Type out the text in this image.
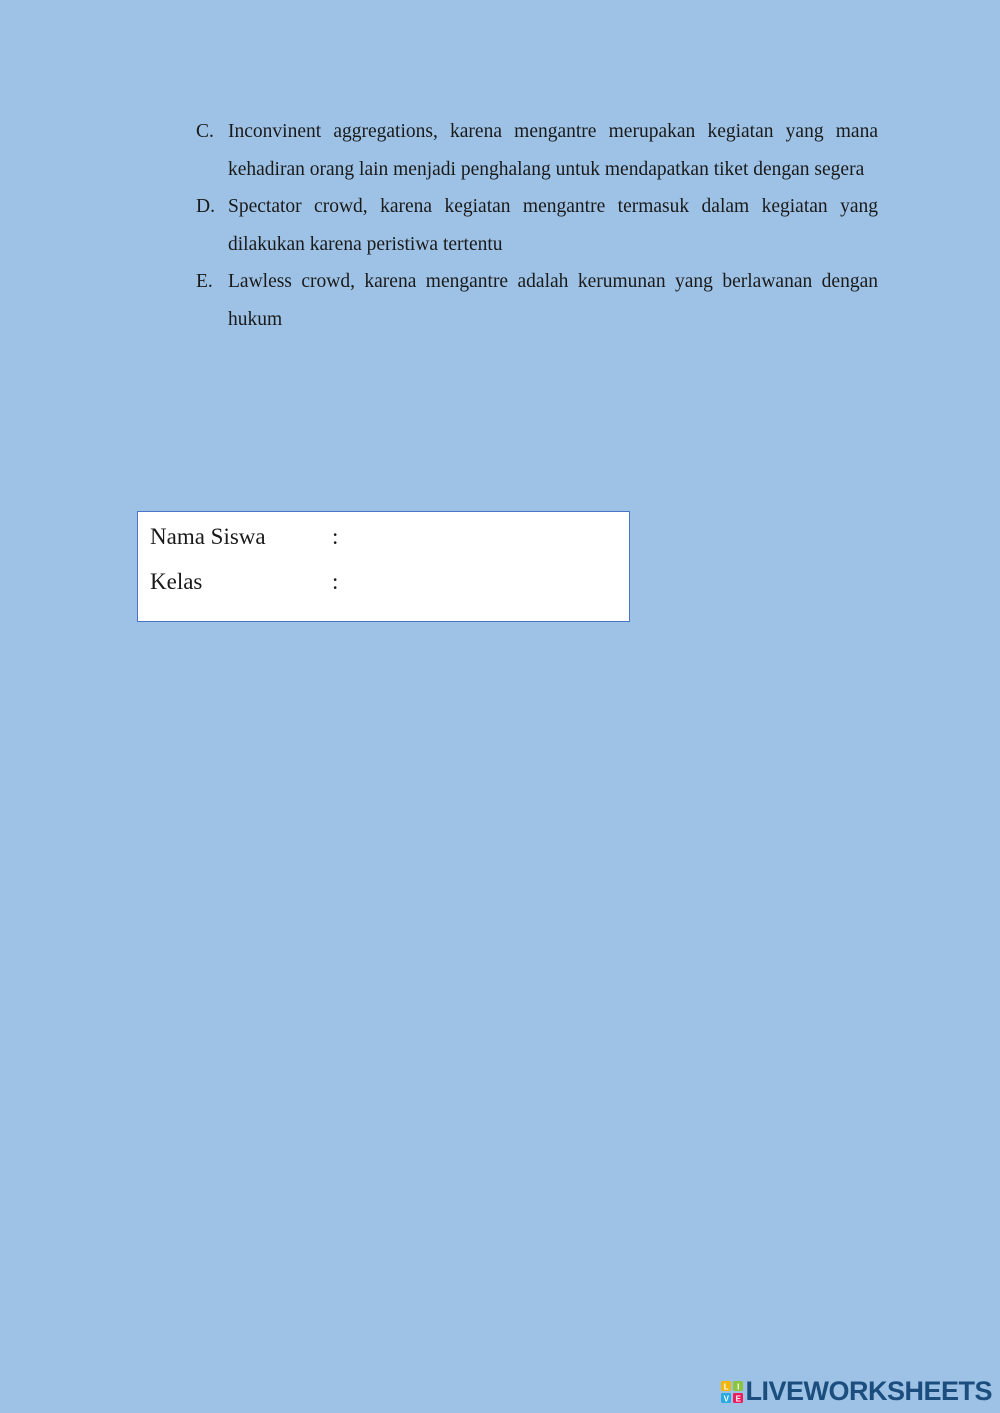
C. Inconvinent aggregations, karena mengantre merupakan kegiatan yang mana kehadiran orang lain menjadi penghalang untuk mendapatkan tiket dengan segera
D. Spectator crowd, karena kegiatan mengantre termasuk dalam kegiatan yang dilakukan karena peristiwa tertentu
E. Lawless crowd, karena mengantre adalah kerumunan yang berlawanan dengan hukum
Nama Siswa	:
Kelas	:
L I
V E LIVEWORKSHEETS
